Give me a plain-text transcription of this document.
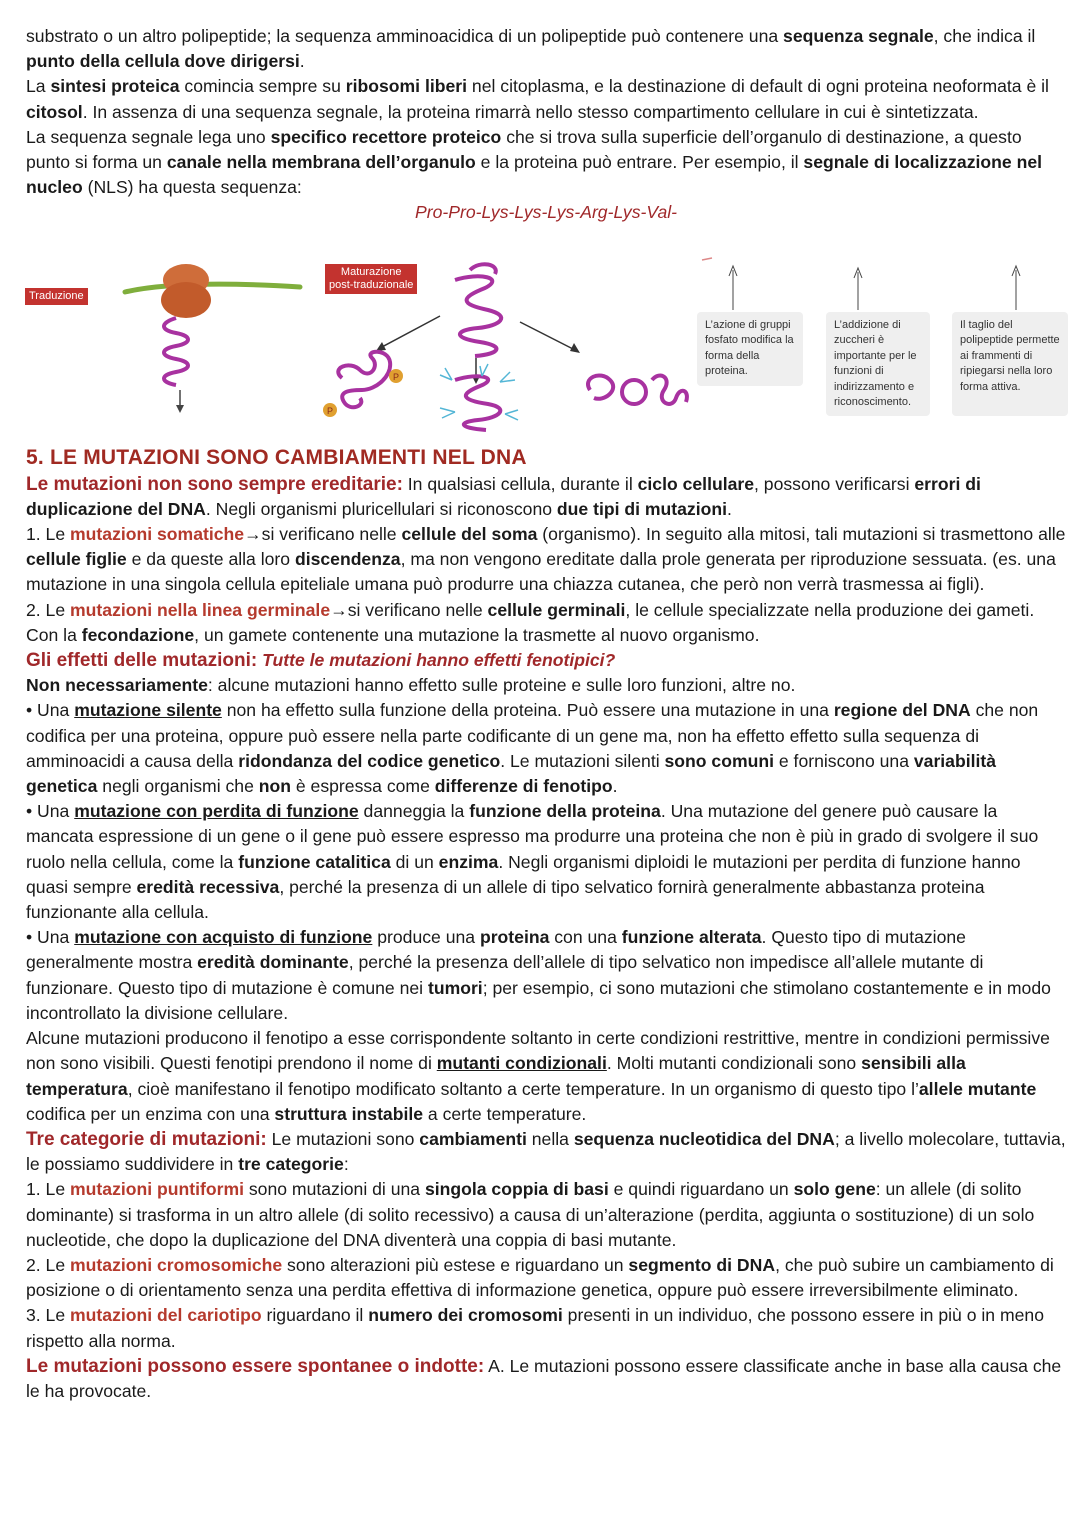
substrato o un altro polipeptide; la sequenza amminoacidica di un polipeptide può contenere una sequenza segnale, che indica il punto della cellula dove dirigersi.

La sintesi proteica comincia sempre su ribosomi liberi nel citoplasma, e la destinazione di default di ogni proteina neoformata è il citosol. In assenza di una sequenza segnale, la proteina rimarrà nello stesso compartimento cellulare in cui è sintetizzata.

La sequenza segnale lega uno specifico recettore proteico che si trova sulla superficie dell’organulo di destinazione, a questo punto si forma un canale nella membrana dell’organulo e la proteina può entrare. Per esempio, il segnale di localizzazione nel nucleo (NLS) ha questa sequenza:

Pro-Pro-Lys-Lys-Lys-Arg-Lys-Val-

P
P
Traduzione
Maturazione
post-traduzionale
L’azione di gruppi fosfato modifica la forma della proteina.
L’addizione di zuccheri è importante per le funzioni di indirizzamento e riconoscimento.
Il taglio del polipeptide permette ai frammenti di ripiegarsi nella loro forma attiva.

5. LE MUTAZIONI SONO CAMBIAMENTI NEL DNA

Le mutazioni non sono sempre ereditarie: In qualsiasi cellula, durante il ciclo cellulare, possono verificarsi errori di duplicazione del DNA. Negli organismi pluricellulari si riconoscono due tipi di mutazioni.

1. Le mutazioni somatiche→si verificano nelle cellule del soma (organismo). In seguito alla mitosi, tali mutazioni si trasmettono alle cellule figlie e da queste alla loro discendenza, ma non vengono ereditate dalla prole generata per riproduzione sessuata. (es. una mutazione in una singola cellula epiteliale umana può produrre una chiazza cutanea, che però non verrà trasmessa ai figli).

2. Le mutazioni nella linea germinale→si verificano nelle cellule germinali, le cellule specializzate nella produzione dei gameti. Con la fecondazione, un gamete contenente una mutazione la trasmette al nuovo organismo.

Gli effetti delle mutazioni: Tutte le mutazioni hanno effetti fenotipici?

Non necessariamente: alcune mutazioni hanno effetto sulle proteine e sulle loro funzioni, altre no.

• Una mutazione silente non ha effetto sulla funzione della proteina. Può essere una mutazione in una regione del DNA che non codifica per una proteina, oppure può essere nella parte codificante di un gene ma, non ha effetto effetto sulla sequenza di amminoacidi a causa della ridondanza del codice genetico. Le mutazioni silenti sono comuni e forniscono una variabilità genetica negli organismi che non è espressa come differenze di fenotipo.

• Una mutazione con perdita di funzione danneggia la funzione della proteina. Una mutazione del genere può causare la mancata espressione di un gene o il gene può essere espresso ma produrre una proteina che non è più in grado di svolgere il suo ruolo nella cellula, come la funzione catalitica di un enzima. Negli organismi diploidi le mutazioni per perdita di funzione hanno quasi sempre eredità recessiva, perché la presenza di un allele di tipo selvatico fornirà generalmente abbastanza proteina funzionante alla cellula.

• Una mutazione con acquisto di funzione produce una proteina con una funzione alterata. Questo tipo di mutazione generalmente mostra eredità dominante, perché la presenza dell’allele di tipo selvatico non impedisce all’allele mutante di funzionare. Questo tipo di mutazione è comune nei tumori; per esempio, ci sono mutazioni che stimolano costantemente e in modo incontrollato la divisione cellulare.

Alcune mutazioni producono il fenotipo a esse corrispondente soltanto in certe condizioni restrittive, mentre in condizioni permissive non sono visibili. Questi fenotipi prendono il nome di mutanti condizionali. Molti mutanti condizionali sono sensibili alla temperatura, cioè manifestano il fenotipo modificato soltanto a certe temperature. In un organismo di questo tipo l’allele mutante codifica per un enzima con una struttura instabile a certe temperature.

Tre categorie di mutazioni: Le mutazioni sono cambiamenti nella sequenza nucleotidica del DNA; a livello molecolare, tuttavia, le possiamo suddividere in tre categorie:

1. Le mutazioni puntiformi sono mutazioni di una singola coppia di basi e quindi riguardano un solo gene: un allele (di solito dominante) si trasforma in un altro allele (di solito recessivo) a causa di un’alterazione (perdita, aggiunta o sostituzione) di un solo nucleotide, che dopo la duplicazione del DNA diventerà una coppia di basi mutante.

2. Le mutazioni cromosomiche sono alterazioni più estese e riguardano un segmento di DNA, che può subire un cambiamento di posizione o di orientamento senza una perdita effettiva di informazione genetica, oppure può essere irreversibilmente eliminato.

3. Le mutazioni del cariotipo riguardano il numero dei cromosomi presenti in un individuo, che possono essere in più o in meno rispetto alla norma.

Le mutazioni possono essere spontanee o indotte: A. Le mutazioni possono essere classificate anche in base alla causa che le ha provocate.
